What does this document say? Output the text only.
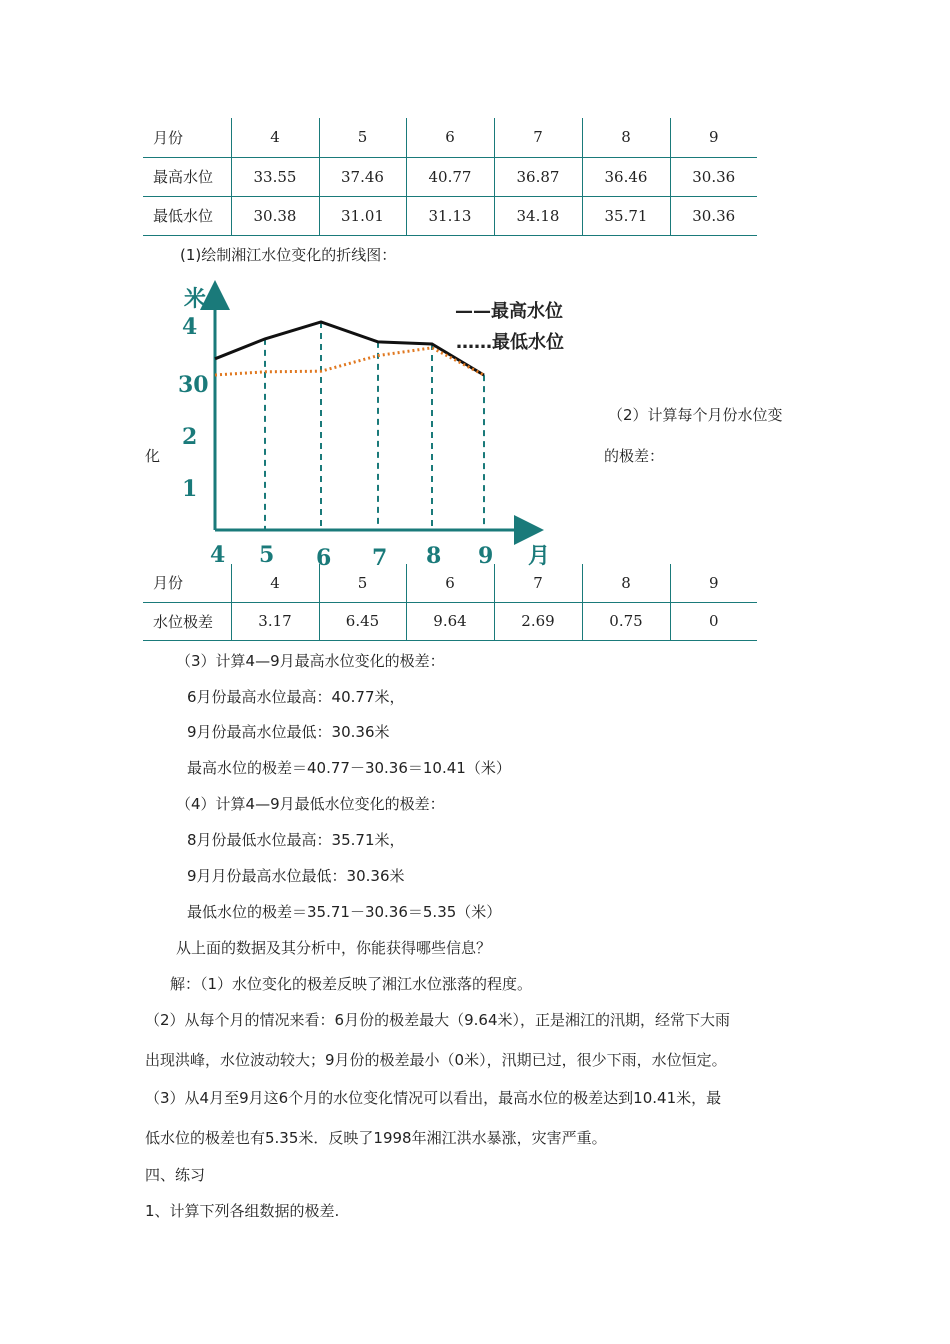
月份	4	5	6	7	8	9
最高水位	33.55	37.46	40.77	36.87	36.46	30.36
最低水位	30.38	31.01	31.13	34.18	35.71	30.36
(1)绘制湘江水位变化的折线图：
米
4
30
2
1
4 5 6 7 8 9 月
——最高水位
……最低水位
（2）计算每个月份水位变
的极差：
化
月份	4	5	6	7	8	9
水位极差	3.17	6.45	9.64	2.69	0.75	0
（3）计算4—9月最高水位变化的极差：
6月份最高水位最高：40.77米，
9月份最高水位最低：30.36米
最高水位的极差＝40.77－30.36＝10.41（米）
（4）计算4—9月最低水位变化的极差：
8月份最低水位最高：35.71米，
9月月份最高水位最低：30.36米
最低水位的极差＝35.71－30.36＝5.35（米）
从上面的数据及其分析中，你能获得哪些信息？
解：（1）水位变化的极差反映了湘江水位涨落的程度。
（2）从每个月的情况来看：6月份的极差最大（9.64米），正是湘江的汛期，经常下大雨
出现洪峰，水位波动较大；9月份的极差最小（0米），汛期已过，很少下雨，水位恒定。
（3）从4月至9月这6个月的水位变化情况可以看出，最高水位的极差达到10.41米，最
低水位的极差也有5.35米．反映了1998年湘江洪水暴涨，灾害严重。
四、练习
1、计算下列各组数据的极差.
